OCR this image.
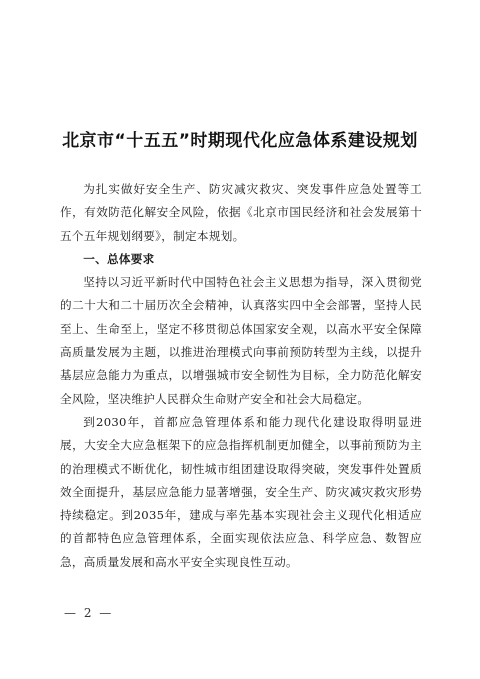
北京市“十五五”时期现代化应急体系建设规划

为扎实做好安全生产、防灾减灾救灾、突发事件应急处置等工作，有效防范化解安全风险，依据《北京市国民经济和社会发展第十五个五年规划纲要》，制定本规划。

一、总体要求

坚持以习近平新时代中国特色社会主义思想为指导，深入贯彻党的二十大和二十届历次全会精神，认真落实四中全会部署，坚持人民至上、生命至上，坚定不移贯彻总体国家安全观，以高水平安全保障高质量发展为主题，以推进治理模式向事前预防转型为主线，以提升基层应急能力为重点，以增强城市安全韧性为目标，全力防范化解安全风险，坚决维护人民群众生命财产安全和社会大局稳定。

到2030年，首都应急管理体系和能力现代化建设取得明显进展，大安全大应急框架下的应急指挥机制更加健全，以事前预防为主的治理模式不断优化，韧性城市组团建设取得突破，突发事件处置质效全面提升，基层应急能力显著增强，安全生产、防灾减灾救灾形势持续稳定。到2035年，建成与率先基本实现社会主义现代化相适应的首都特色应急管理体系，全面实现依法应急、科学应急、数智应急，高质量发展和高水平安全实现良性互动。

— 2 —
